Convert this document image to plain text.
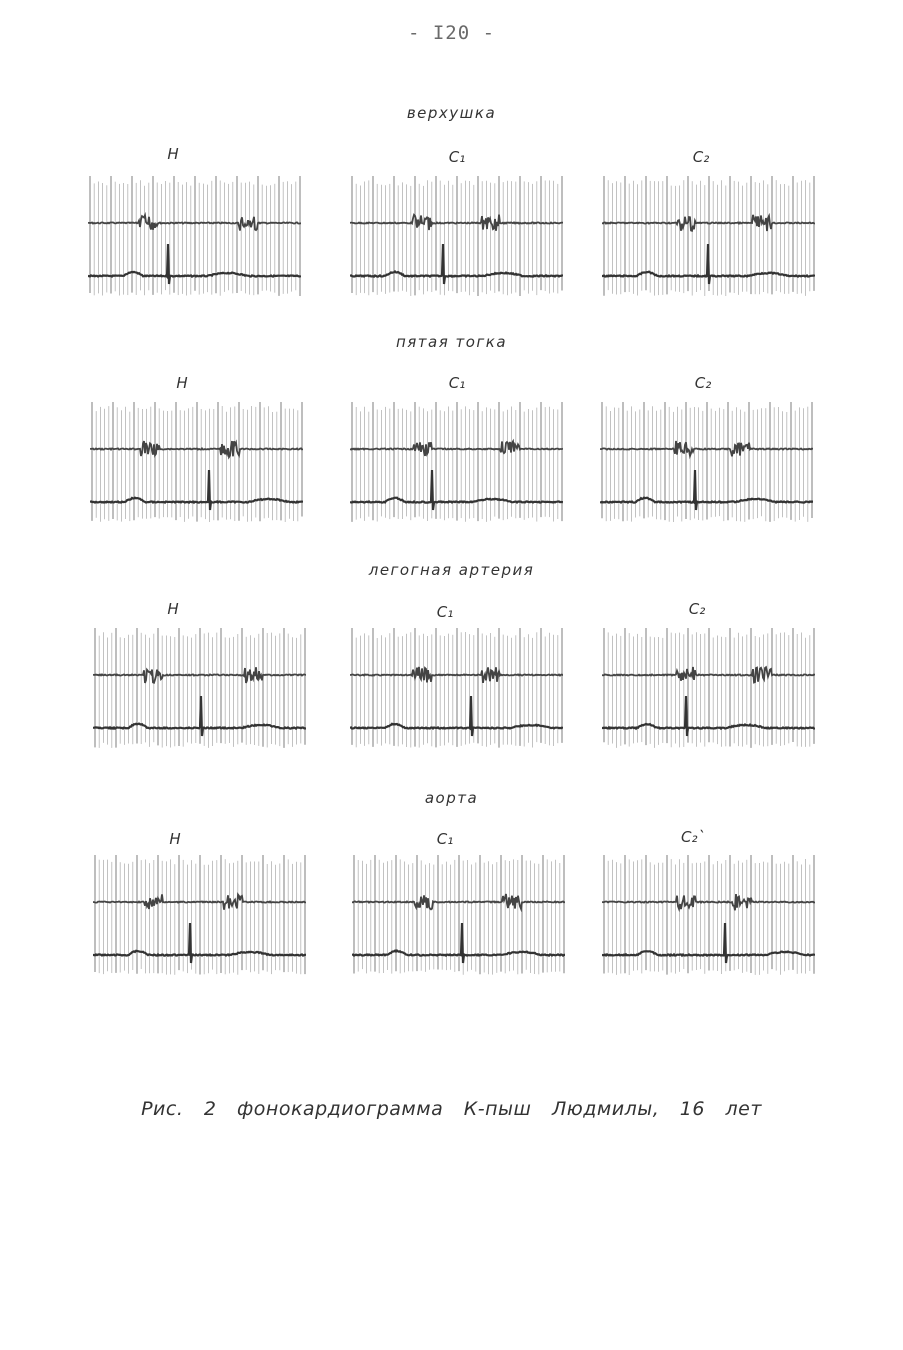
- I20 -
верхушка
Н	С₁	С₂
пятая тогка
Н	С₁	С₂
легогная артерия
Н	С₁	С₂
аорта
Н	С₁	С₂`
Рис. 2 фонокардиограмма К-пыш Людмилы, 16 лет
